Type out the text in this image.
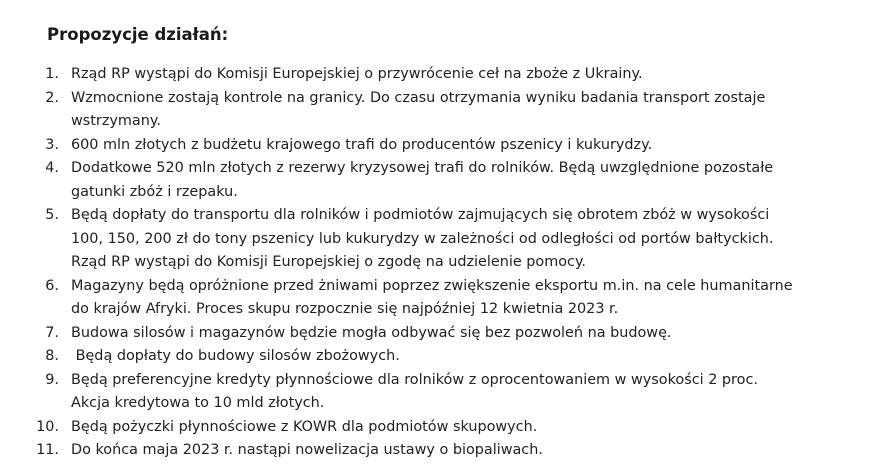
Propozycje działań:
1. Rząd RP wystąpi do Komisji Europejskiej o przywrócenie ceł na zboże z Ukrainy.
2. Wzmocnione zostają kontrole na granicy. Do czasu otrzymania wyniku badania transport zostaje
wstrzymany.
3. 600 mln złotych z budżetu krajowego trafi do producentów pszenicy i kukurydzy.
4. Dodatkowe 520 mln złotych z rezerwy kryzysowej trafi do rolników. Będą uwzględnione pozostałe
gatunki zbóż i rzepaku.
5. Będą dopłaty do transportu dla rolników i podmiotów zajmujących się obrotem zbóż w wysokości
100, 150, 200 zł do tony pszenicy lub kukurydzy w zależności od odległości od portów bałtyckich.
Rząd RP wystąpi do Komisji Europejskiej o zgodę na udzielenie pomocy.
6. Magazyny będą opróżnione przed żniwami poprzez zwiększenie eksportu m.in. na cele humanitarne
do krajów Afryki. Proces skupu rozpocznie się najpóźniej 12 kwietnia 2023 r.
7. Budowa silosów i magazynów będzie mogła odbywać się bez pozwoleń na budowę.
8. Będą dopłaty do budowy silosów zbożowych.
9. Będą preferencyjne kredyty płynnościowe dla rolników z oprocentowaniem w wysokości 2 proc.
Akcja kredytowa to 10 mld złotych.
10. Będą pożyczki płynnościowe z KOWR dla podmiotów skupowych.
11. Do końca maja 2023 r. nastąpi nowelizacja ustawy o biopaliwach.
